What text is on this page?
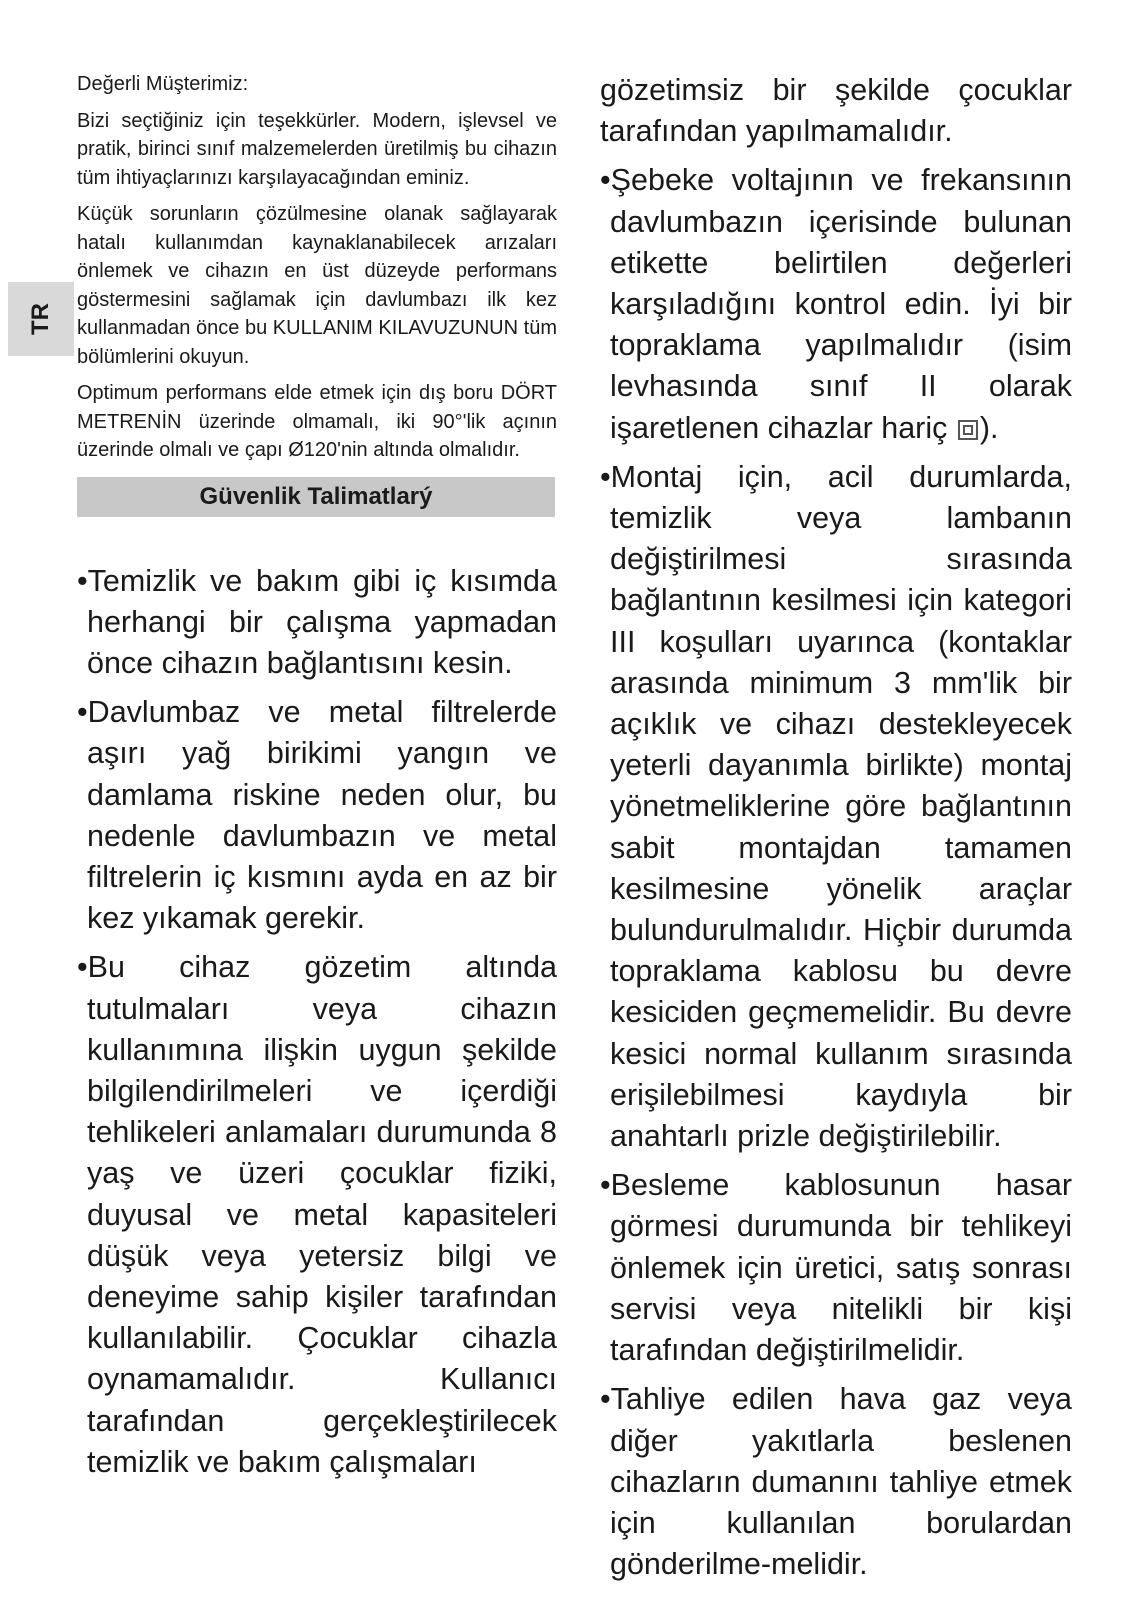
TR

Değerli Müşterimiz:

Bizi seçtiğiniz için teşekkürler. Modern, işlevsel ve pratik, birinci sınıf malzemelerden üretilmiş bu cihazın tüm ihtiyaçlarınızı karşılayacağından eminiz.

Küçük sorunların çözülmesine olanak sağlayarak hatalı kullanımdan kaynaklanabilecek arızaları önlemek ve cihazın en üst düzeyde performans göstermesini sağlamak için davlumbazı ilk kez kullanmadan önce bu KULLANIM KILAVUZUNUN tüm bölümlerini okuyun.

Optimum performans elde etmek için dış boru DÖRT METRENİN üzerinde olmamalı, iki 90°'lik açının üzerinde olmalı ve çapı Ø120'nin altında olmalıdır.

Güvenlik Talimatlarý

•Temizlik ve bakım gibi iç kısımda herhangi bir çalışma yapmadan önce cihazın bağlantısını kesin.

•Davlumbaz ve metal filtrelerde aşırı yağ birikimi yangın ve damlama riskine neden olur, bu nedenle davlumbazın ve metal filtrelerin iç kısmını ayda en az bir kez yıkamak gerekir.

•Bu cihaz gözetim altında tutulmaları veya cihazın kullanımına ilişkin uygun şekilde bilgilendirilmeleri ve içerdiği tehlikeleri anlamaları durumunda 8 yaş ve üzeri çocuklar fiziki, duyusal ve metal kapasiteleri düşük veya yetersiz bilgi ve deneyime sahip kişiler tarafından kullanılabilir. Çocuklar cihazla oynamamalıdır. Kullanıcı tarafından gerçekleştirilecek temizlik ve bakım çalışmaları

gözetimsiz bir şekilde çocuklar tarafından yapılmamalıdır.

•Şebeke voltajının ve frekansının davlumbazın içerisinde bulunan etikette belirtilen değerleri karşıladığını kontrol edin. İyi bir topraklama yapılmalıdır (isim levhasında sınıf II olarak işaretlenen cihazlar hariç ).

•Montaj için, acil durumlarda, temizlik veya lambanın değiştirilmesi sırasında bağlantının kesilmesi için kategori III koşulları uyarınca (kontaklar arasında minimum 3 mm'lik bir açıklık ve cihazı destekleyecek yeterli dayanımla birlikte) montaj yönetmeliklerine göre bağlantının sabit montajdan tamamen kesilmesine yönelik araçlar bulundurulmalıdır. Hiçbir durumda topraklama kablosu bu devre kesiciden geçmemelidir. Bu devre kesici normal kullanım sırasında erişilebilmesi kaydıyla bir anahtarlı prizle değiştirilebilir.

•Besleme kablosunun hasar görmesi durumunda bir tehlikeyi önlemek için üretici, satış sonrası servisi veya nitelikli bir kişi tarafından değiştirilmelidir.

•Tahliye edilen hava gaz veya diğer yakıtlarla beslenen cihazların dumanını tahliye etmek için kullanılan borulardan gönderilme-melidir.
